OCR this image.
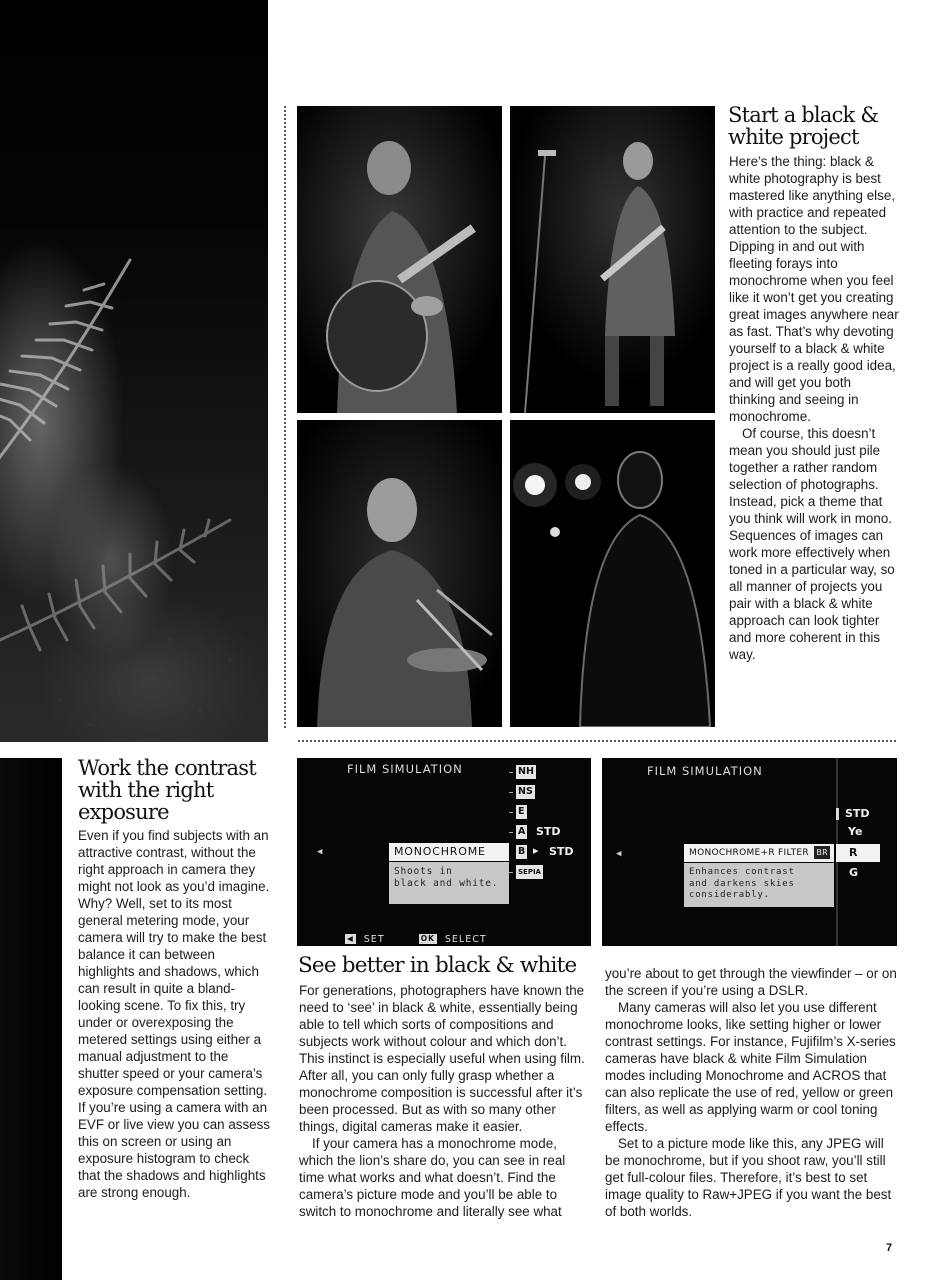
Start a black &
white project

Here’s the thing: black & white photography is best mastered like anything else, with practice and repeated attention to the subject. Dipping in and out with fleeting forays into monochrome when you feel like it won’t get you creating great images anywhere near as fast. That’s why devoting yourself to a black & white project is a really good idea, and will get you both thinking and seeing in monochrome.

Of course, this doesn’t mean you should just pile together a rather random selection of photographs. Instead, pick a theme that you think will work in mono. Sequences of images can work more effectively when toned in a particular way, so all manner of projects you pair with a black & white approach can look tighter and more coherent in this way.

Work the contrast
with the right
exposure

Even if you find subjects with an attractive contrast, without the right approach in camera they might not look as you’d imagine. Why? Well, set to its most general metering mode, your camera will try to make the best balance it can between highlights and shadows, which can result in quite a bland-looking scene. To fix this, try under or overexposing the metered settings using either a manual adjustment to the shutter speed or your camera’s exposure compensation setting. If you’re using a camera with an EVF or live view you can assess this on screen or using an exposure histogram to check that the shadows and highlights are strong enough.

FILM SIMULATION	NH
NS
E
A STD
B ▸ STD
SEPIA
◀	MONOCHROME
Shoots in
black and white.
◀ SET	OK SELECT
FILM SIMULATION
STD
Ye
R
G
◀	MONOCHROME+R FILTER BR
Enhances contrast
and darkens skies
considerably.
See better in black & white

For generations, photographers have known the need to ‘see’ in black & white, essentially being able to tell which sorts of compositions and subjects work without colour and which don’t. This instinct is especially useful when using film. After all, you can only fully grasp whether a monochrome composition is successful after it’s been processed. But as with so many other things, digital cameras make it easier.

If your camera has a monochrome mode, which the lion’s share do, you can see in real time what works and what doesn’t. Find the camera’s picture mode and you’ll be able to switch to monochrome and literally see what

you’re about to get through the viewfinder – or on the screen if you’re using a DSLR.

Many cameras will also let you use different monochrome looks, like setting higher or lower contrast settings. For instance, Fujifilm’s X-series cameras have black & white Film Simulation modes including Monochrome and ACROS that can also replicate the use of red, yellow or green filters, as well as applying warm or cool toning effects.

Set to a picture mode like this, any JPEG will be monochrome, but if you shoot raw, you’ll still get full-colour files. Therefore, it’s best to set image quality to Raw+JPEG if you want the best of both worlds.

7
